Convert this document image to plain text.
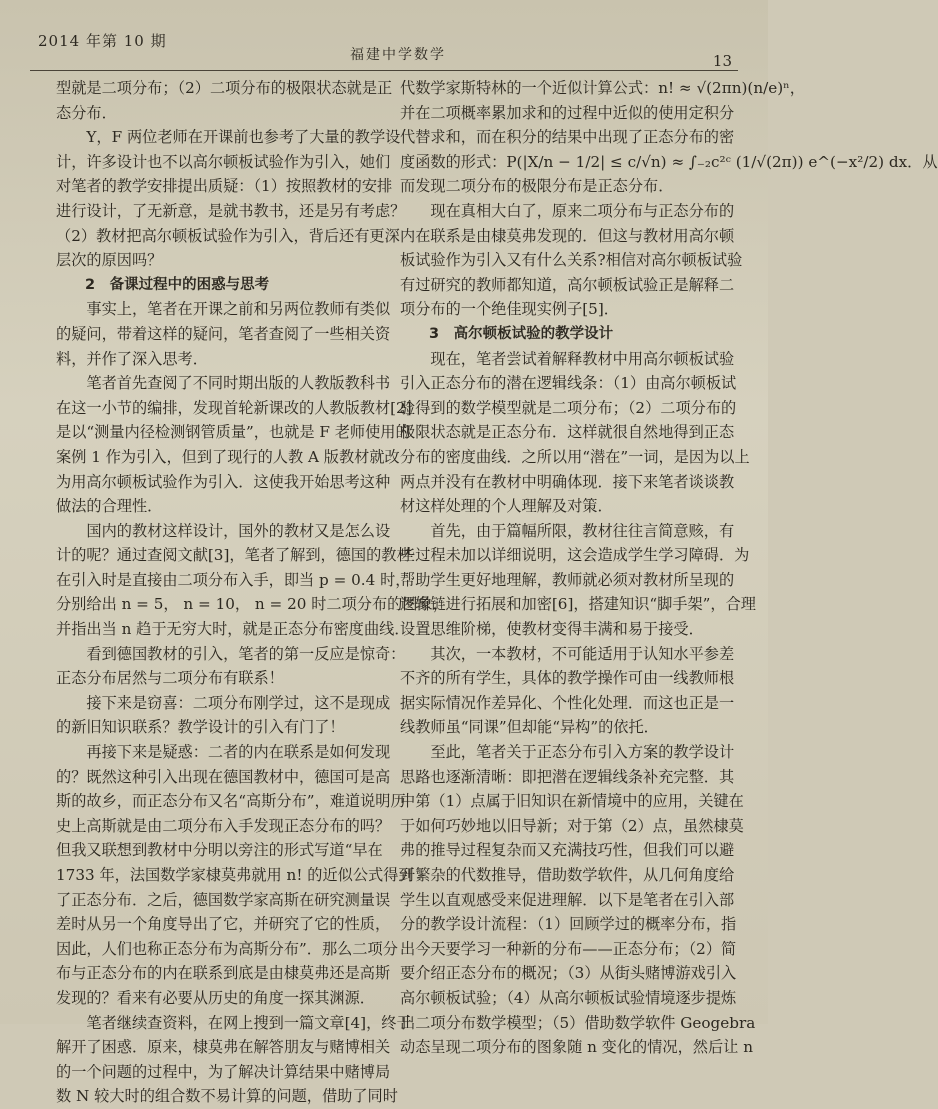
2014 年第 10 期
福建中学数学	13
型就是二项分布；（2）二项分布的极限状态就是正
态分布．
　　Y，F 两位老师在开课前也参考了大量的教学设
计，许多设计也不以高尔顿板试验作为引入，她们
对笔者的教学安排提出质疑：（1）按照教材的安排
进行设计，了无新意，是就书教书，还是另有考虑？
（2）教材把高尔顿板试验作为引入，背后还有更深
层次的原因吗？
　　2　备课过程中的困惑与思考
　　事实上，笔者在开课之前和另两位教师有类似
的疑问，带着这样的疑问，笔者查阅了一些相关资
料，并作了深入思考．
　　笔者首先查阅了不同时期出版的人教版教科书
在这一小节的编排，发现首轮新课改的人教版教材[2]
是以“测量内径检测钢管质量”，也就是 F 老师使用的
案例 1 作为引入，但到了现行的人教 A 版教材就改
为用高尔顿板试验作为引入．这使我开始思考这种
做法的合理性．
　　国内的教材这样设计，国外的教材又是怎么设
计的呢？通过查阅文献[3]，笔者了解到，德国的教材
在引入时是直接由二项分布入手，即当 p = 0.4 时，
分别给出 n = 5， n = 10， n = 20 时二项分布的图象，
并指出当 n 趋于无穷大时，就是正态分布密度曲线．
　　看到德国教材的引入，笔者的第一反应是惊奇：
正态分布居然与二项分布有联系！
　　接下来是窃喜：二项分布刚学过，这不是现成
的新旧知识联系？教学设计的引入有门了！
　　再接下来是疑惑：二者的内在联系是如何发现
的？既然这种引入出现在德国教材中，德国可是高
斯的故乡，而正态分布又名“高斯分布”，难道说明历
史上高斯就是由二项分布入手发现正态分布的吗？
但我又联想到教材中分明以旁注的形式写道“早在
1733 年，法国数学家棣莫弗就用 n! 的近似公式得到
了正态分布．之后，德国数学家高斯在研究测量误
差时从另一个角度导出了它，并研究了它的性质，
因此，人们也称正态分布为高斯分布”．那么二项分
布与正态分布的内在联系到底是由棣莫弗还是高斯
发现的？看来有必要从历史的角度一探其渊源．
　　笔者继续查资料，在网上搜到一篇文章[4]，终于
解开了困惑．原来，棣莫弗在解答朋友与赌博相关
的一个问题的过程中，为了解决计算结果中赌博局
数 N 较大时的组合数不易计算的问题，借助了同时
代数学家斯特林的一个近似计算公式：n! ≈ √(2πn)(n/e)ⁿ，
并在二项概率累加求和的过程中近似的使用定积分
代替求和，而在积分的结果中出现了正态分布的密
度函数的形式：P(|X/n − 1/2| ≤ c/√n) ≈ ∫₋₂c²ᶜ (1/√(2π)) e^(−x²/2) dx．从
而发现二项分布的极限分布是正态分布．
　　现在真相大白了，原来二项分布与正态分布的
内在联系是由棣莫弗发现的．但这与教材用高尔顿
板试验作为引入又有什么关系?相信对高尔顿板试验
有过研究的教师都知道，高尔顿板试验正是解释二
项分布的一个绝佳现实例子[5]．
　　3　高尔顿板试验的教学设计
　　现在，笔者尝试着解释教材中用高尔顿板试验
引入正态分布的潜在逻辑线条：（1）由高尔顿板试
验得到的数学模型就是二项分布；（2）二项分布的
极限状态就是正态分布．这样就很自然地得到正态
分布的密度曲线．之所以用“潜在”一词，是因为以上
两点并没有在教材中明确体现．接下来笔者谈谈教
材这样处理的个人理解及对策．
　　首先，由于篇幅所限，教材往往言简意赅，有
些过程未加以详细说明，这会造成学生学习障碍．为
帮助学生更好地理解，教师就必须对教材所呈现的
逻辑链进行拓展和加密[6]，搭建知识“脚手架”，合理
设置思维阶梯，使教材变得丰满和易于接受．
　　其次，一本教材，不可能适用于认知水平参差
不齐的所有学生，具体的教学操作可由一线教师根
据实际情况作差异化、个性化处理．而这也正是一
线教师虽“同课”但却能“异构”的依托．
　　至此，笔者关于正态分布引入方案的教学设计
思路也逐渐清晰：即把潜在逻辑线条补充完整．其
中第（1）点属于旧知识在新情境中的应用，关键在
于如何巧妙地以旧导新；对于第（2）点，虽然棣莫
弗的推导过程复杂而又充满技巧性，但我们可以避
开繁杂的代数推导，借助数学软件，从几何角度给
学生以直观感受来促进理解．以下是笔者在引入部
分的教学设计流程：（1）回顾学过的概率分布，指
出今天要学习一种新的分布——正态分布；（2）简
要介绍正态分布的概况；（3）从街头赌博游戏引入
高尔顿板试验；（4）从高尔顿板试验情境逐步提炼
出二项分布数学模型；（5）借助数学软件 Geogebra
动态呈现二项分布的图象随 n 变化的情况，然后让 n
